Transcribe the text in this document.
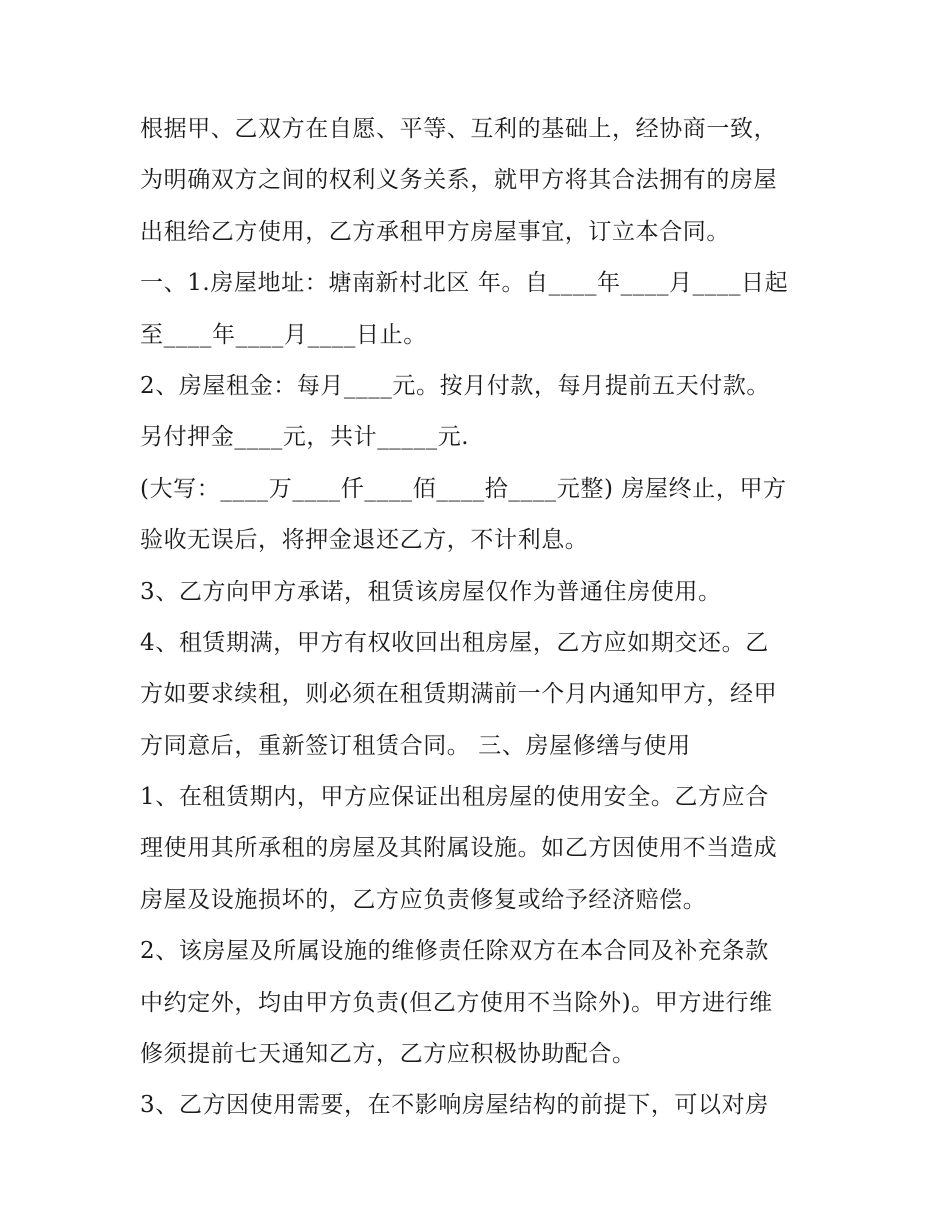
根据甲、乙双方在自愿、平等、互利的基础上，经协商一致，
为明确双方之间的权利义务关系，就甲方将其合法拥有的房屋
出租给乙方使用，乙方承租甲方房屋事宜，订立本合同。
一、1.房屋地址：塘南新村北区 年。自____年____月____日起
至____年____月____日止。
2、房屋租金：每月____元。按月付款，每月提前五天付款。
另付押金____元，共计_____元.
(大写：____万____仟____佰____拾____元整) 房屋终止，甲方
验收无误后，将押金退还乙方，不计利息。
3、乙方向甲方承诺，租赁该房屋仅作为普通住房使用。
4、租赁期满，甲方有权收回出租房屋，乙方应如期交还。乙
方如要求续租，则必须在租赁期满前一个月内通知甲方，经甲
方同意后，重新签订租赁合同。 三、房屋修缮与使用
1、在租赁期内，甲方应保证出租房屋的使用安全。乙方应合
理使用其所承租的房屋及其附属设施。如乙方因使用不当造成
房屋及设施损坏的，乙方应负责修复或给予经济赔偿。
2、该房屋及所属设施的维修责任除双方在本合同及补充条款
中约定外，均由甲方负责(但乙方使用不当除外)。甲方进行维
修须提前七天通知乙方，乙方应积极协助配合。
3、乙方因使用需要，在不影响房屋结构的前提下，可以对房
